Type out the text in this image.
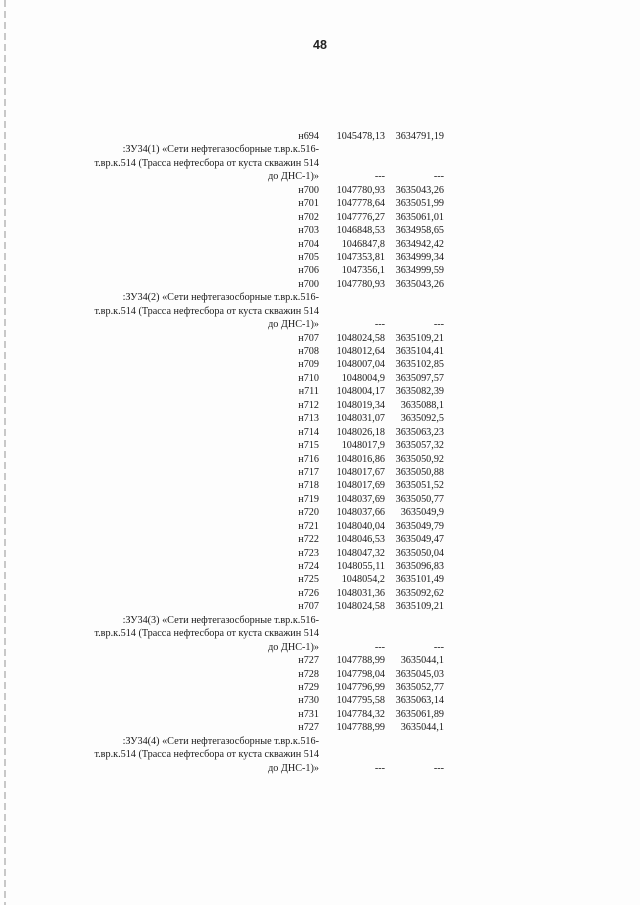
48
н694 1045478,13 3634791,19
:ЗУ34(1) «Сети нефтегазосборные т.вр.к.516-
т.вр.к.514 (Трасса нефтесбора от куста скважин 514
до ДНС-1)»	---	---
н700 1047780,93 3635043,26
н701 1047778,64 3635051,99
н702 1047776,27 3635061,01
н703 1046848,53 3634958,65
н704 1046847,8 3634942,42
н705 1047353,81 3634999,34
н706 1047356,1 3634999,59
н700 1047780,93 3635043,26
:ЗУ34(2) «Сети нефтегазосборные т.вр.к.516-
т.вр.к.514 (Трасса нефтесбора от куста скважин 514
до ДНС-1)»	---	---
н707 1048024,58 3635109,21
н708 1048012,64 3635104,41
н709 1048007,04 3635102,85
н710 1048004,9 3635097,57
н711 1048004,17 3635082,39
н712 1048019,34 3635088,1
н713 1048031,07 3635092,5
н714 1048026,18 3635063,23
н715 1048017,9 3635057,32
н716 1048016,86 3635050,92
н717 1048017,67 3635050,88
н718 1048017,69 3635051,52
н719 1048037,69 3635050,77
н720 1048037,66 3635049,9
н721 1048040,04 3635049,79
н722 1048046,53 3635049,47
н723 1048047,32 3635050,04
н724 1048055,11 3635096,83
н725 1048054,2 3635101,49
н726 1048031,36 3635092,62
н707 1048024,58 3635109,21
:ЗУ34(3) «Сети нефтегазосборные т.вр.к.516-
т.вр.к.514 (Трасса нефтесбора от куста скважин 514
до ДНС-1)»	---	---
н727 1047788,99 3635044,1
н728 1047798,04 3635045,03
н729 1047796,99 3635052,77
н730 1047795,58 3635063,14
н731 1047784,32 3635061,89
н727 1047788,99 3635044,1
:ЗУ34(4) «Сети нефтегазосборные т.вр.к.516-
т.вр.к.514 (Трасса нефтесбора от куста скважин 514
до ДНС-1)»	---	---
